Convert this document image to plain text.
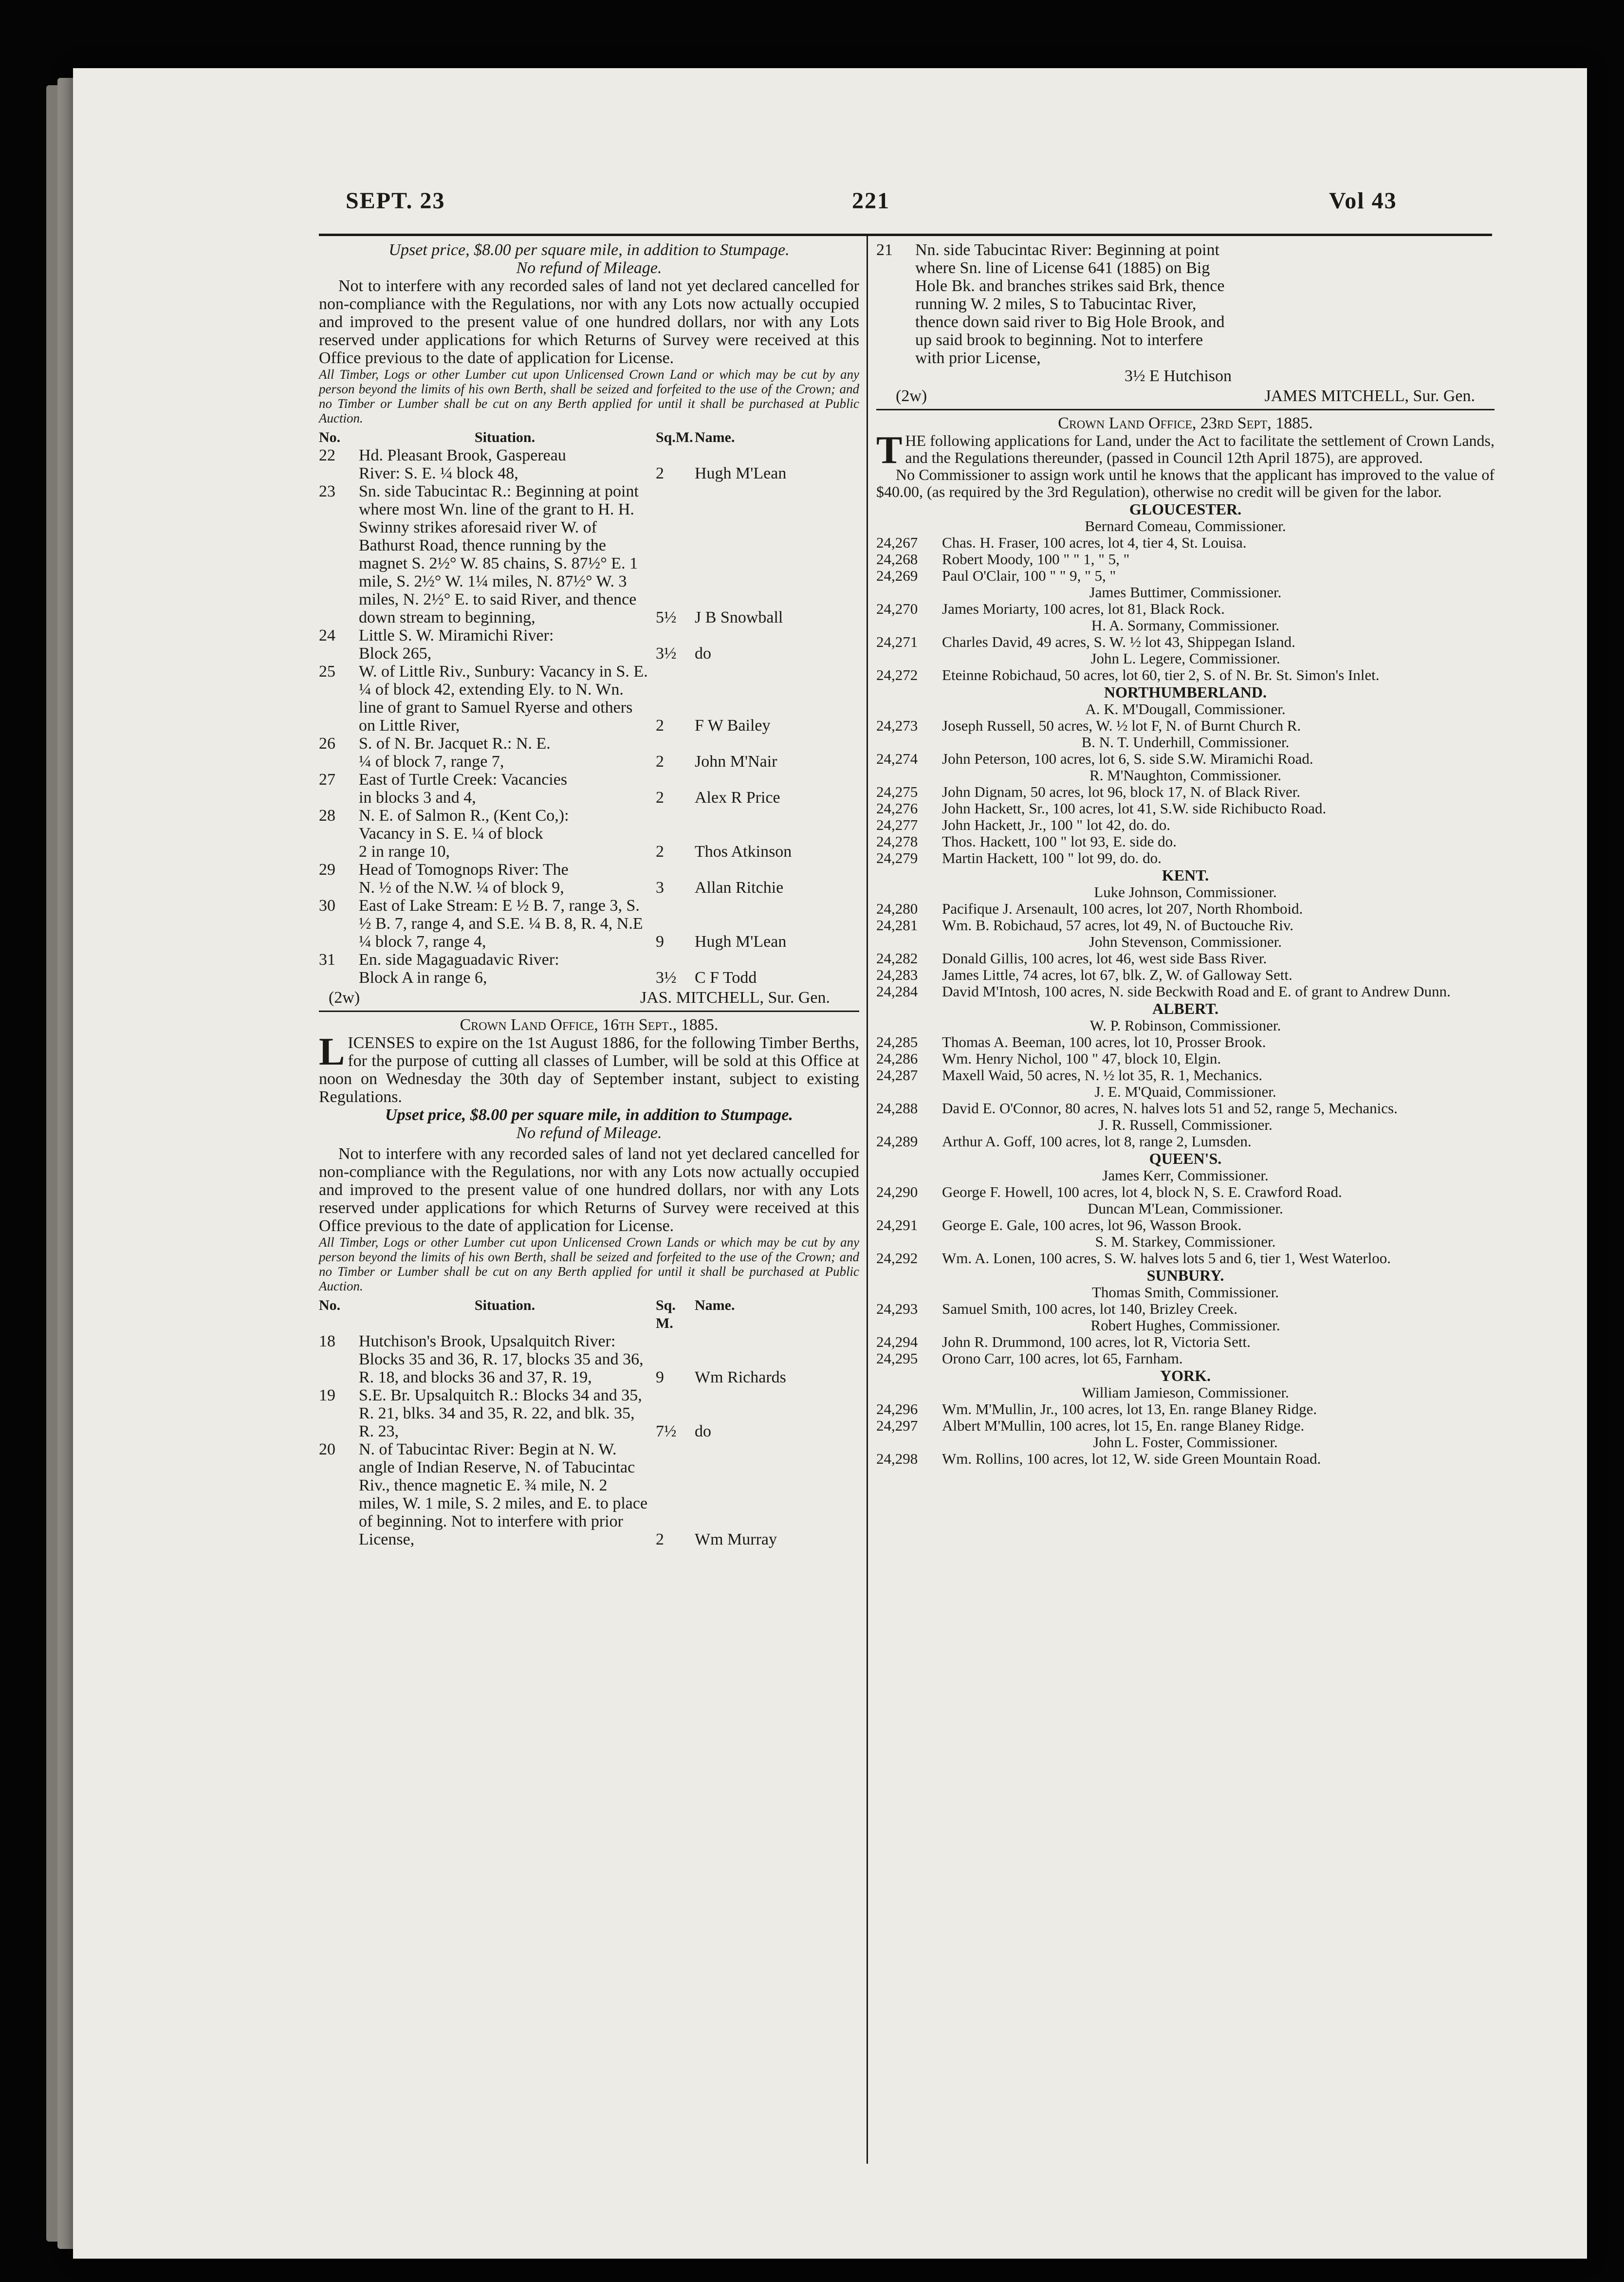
SEPT. 23	221	Vol 43
Upset price, $8.00 per square mile, in addition to Stumpage.
No refund of Mileage.

Not to interfere with any recorded sales of land not yet declared cancelled for non-compliance with the Regulations, nor with any Lots now actually occupied and improved to the present value of one hundred dollars, nor with any Lots reserved under applications for which Returns of Survey were received at this Office previous to the date of application for License.

All Timber, Logs or other Lumber cut upon Unlicensed Crown Land or which may be cut by any person beyond the limits of his own Berth, shall be seized and forfeited to the use of the Crown; and no Timber or Lumber shall be cut on any Berth applied for until it shall be purchased at Public Auction.
No.	Situation.	Sq.M. Name.
22	Hd. Pleasant Brook, Gaspereau
River: S. E. ¼ block 48,	2	Hugh M'Lean
23	Sn. side Tabucintac R.: Beginning at point where most Wn. line of the grant to H. H. Swinny strikes aforesaid river W. of Bathurst Road, thence running by the magnet S. 2½° W. 85 chains, S. 87½° E. 1 mile, S. 2½° W. 1¼ miles, N. 87½° W. 3 miles, N. 2½° E. to said River, and thence down stream to beginning,	5½	J B Snowball
24	Little S. W. Miramichi River:
Block 265,	3½	do
25	W. of Little Riv., Sunbury: Vacancy in S. E. ¼ of block 42, extending Ely. to N. Wn. line of grant to Samuel Ryerse and others on Little River,	2	F W Bailey
26	S. of N. Br. Jacquet R.: N. E.
¼ of block 7, range 7,	2	John M'Nair
27	East of Turtle Creek: Vacancies
in blocks 3 and 4,	2	Alex R Price
28	N. E. of Salmon R., (Kent Co,):
Vacancy in S. E. ¼ of block
2 in range 10,	2	Thos Atkinson
29	Head of Tomognops River: The
N. ½ of the N.W. ¼ of block 9,	3	Allan Ritchie
30	East of Lake Stream: E ½ B. 7, range 3, S. ½ B. 7, range 4, and S.E. ¼ B. 8, R. 4, N.E ¼ block 7, range 4,	9	Hugh M'Lean
31	En. side Magaguadavic River:
Block A in range 6,	3½	C F Todd
(2w)	JAS. MITCHELL, Sur. Gen.
Crown Land Office, 16th Sept., 1885.
L ICENSES to expire on the 1st August 1886, for the following Timber Berths, for the purpose of cutting all classes of Lumber, will be sold at this Office at noon on Wednesday the 30th day of September instant, subject to existing Regulations.
Upset price, $8.00 per square mile, in addition to Stumpage.
No refund of Mileage.

Not to interfere with any recorded sales of land not yet declared cancelled for non-compliance with the Regulations, nor with any Lots now actually occupied and improved to the present value of one hundred dollars, nor with any Lots reserved under applications for which Returns of Survey were received at this Office previous to the date of application for License.

All Timber, Logs or other Lumber cut upon Unlicensed Crown Lands or which may be cut by any person beyond the limits of his own Berth, shall be seized and forfeited to the use of the Crown; and no Timber or Lumber shall be cut on any Berth applied for until it shall be purchased at Public Auction.
No.	Situation.	Sq. M.
Name.
18	Hutchison's Brook, Upsalquitch River: Blocks 35 and 36, R. 17, blocks 35 and 36, R. 18, and blocks 36 and 37, R. 19,	9	Wm Richards
19	S.E. Br. Upsalquitch R.: Blocks 34 and 35, R. 21, blks. 34 and 35, R. 22, and blk. 35, R. 23,	7½	do
20	N. of Tabucintac River: Begin at N. W. angle of Indian Reserve, N. of Tabucintac Riv., thence magnetic E. ¾ mile, N. 2 miles, W. 1 mile, S. 2 miles, and E. to place of beginning. Not to interfere with prior License,	2	Wm Murray
21	Nn. side Tabucintac River: Beginning at point where Sn. line of License 641 (1885) on Big Hole Bk. and branches strikes said Brk, thence running W. 2 miles, S to Tabucintac River, thence down said river to Big Hole Brook, and up said brook to beginning. Not to interfere with prior License,
3½ E Hutchison
(2w)	JAMES MITCHELL, Sur. Gen.
Crown Land Office, 23rd Sept, 1885.
T HE following applications for Land, under the Act to facilitate the settlement of Crown Lands, and the Regulations thereunder, (passed in Council 12th April 1875), are approved.

No Commissioner to assign work until he knows that the applicant has improved to the value of $40.00, (as required by the 3rd Regulation), otherwise no credit will be given for the labor.

GLOUCESTER.
Bernard Comeau, Commissioner.
24,267	Chas. H. Fraser, 100 acres, lot 4, tier 4, St. Louisa.
24,268	Robert Moody, 100 " " 1, " 5, "
24,269	Paul O'Clair, 100 " " 9, " 5, "
James Buttimer, Commissioner.
24,270	James Moriarty, 100 acres, lot 81, Black Rock.
H. A. Sormany, Commissioner.
24,271	Charles David, 49 acres, S. W. ½ lot 43, Shippegan Island.
John L. Legere, Commissioner.
24,272	Eteinne Robichaud, 50 acres, lot 60, tier 2, S. of N. Br. St. Simon's Inlet.
NORTHUMBERLAND.
A. K. M'Dougall, Commissioner.
24,273	Joseph Russell, 50 acres, W. ½ lot F, N. of Burnt Church R.
B. N. T. Underhill, Commissioner.
24,274	John Peterson, 100 acres, lot 6, S. side S.W. Miramichi Road.
R. M'Naughton, Commissioner.
24,275	John Dignam, 50 acres, lot 96, block 17, N. of Black River.
24,276	John Hackett, Sr., 100 acres, lot 41, S.W. side Richibucto Road.
24,277	John Hackett, Jr., 100 " lot 42, do. do.
24,278	Thos. Hackett, 100 " lot 93, E. side do.
24,279	Martin Hackett, 100 " lot 99, do. do.
KENT.
Luke Johnson, Commissioner.
24,280	Pacifique J. Arsenault, 100 acres, lot 207, North Rhomboid.
24,281	Wm. B. Robichaud, 57 acres, lot 49, N. of Buctouche Riv.
John Stevenson, Commissioner.
24,282	Donald Gillis, 100 acres, lot 46, west side Bass River.
24,283	James Little, 74 acres, lot 67, blk. Z, W. of Galloway Sett.
24,284	David M'Intosh, 100 acres, N. side Beckwith Road and E. of grant to Andrew Dunn.
ALBERT.
W. P. Robinson, Commissioner.
24,285	Thomas A. Beeman, 100 acres, lot 10, Prosser Brook.
24,286	Wm. Henry Nichol, 100 " 47, block 10, Elgin.
24,287	Maxell Waid, 50 acres, N. ½ lot 35, R. 1, Mechanics.
J. E. M'Quaid, Commissioner.
24,288	David E. O'Connor, 80 acres, N. halves lots 51 and 52, range 5, Mechanics.
J. R. Russell, Commissioner.
24,289	Arthur A. Goff, 100 acres, lot 8, range 2, Lumsden.
QUEEN'S.
James Kerr, Commissioner.
24,290	George F. Howell, 100 acres, lot 4, block N, S. E. Crawford Road.
Duncan M'Lean, Commissioner.
24,291	George E. Gale, 100 acres, lot 96, Wasson Brook.
S. M. Starkey, Commissioner.
24,292	Wm. A. Lonen, 100 acres, S. W. halves lots 5 and 6, tier 1, West Waterloo.
SUNBURY.
Thomas Smith, Commissioner.
24,293	Samuel Smith, 100 acres, lot 140, Brizley Creek.
Robert Hughes, Commissioner.
24,294	John R. Drummond, 100 acres, lot R, Victoria Sett.
24,295	Orono Carr, 100 acres, lot 65, Farnham.
YORK.
William Jamieson, Commissioner.
24,296	Wm. M'Mullin, Jr., 100 acres, lot 13, En. range Blaney Ridge.
24,297	Albert M'Mullin, 100 acres, lot 15, En. range Blaney Ridge.
John L. Foster, Commissioner.
24,298	Wm. Rollins, 100 acres, lot 12, W. side Green Mountain Road.
